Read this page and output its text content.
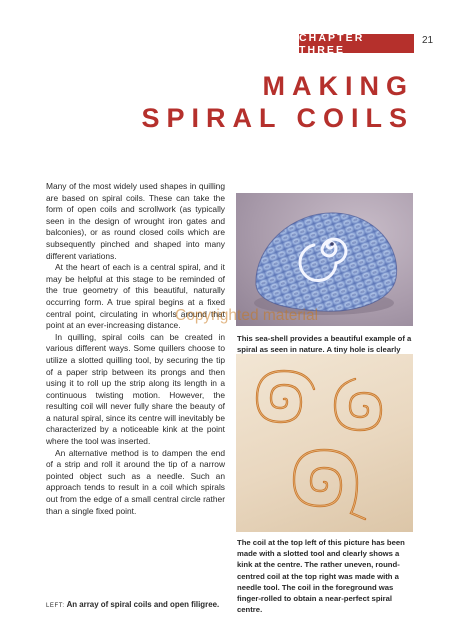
CHAPTER THREE
21
MAKING
SPIRAL COILS

Many of the most widely used shapes in quilling are based on spiral coils. These can take the form of open coils and scrollwork (as typically seen in the design of wrought iron gates and balconies), or as round closed coils which are subsequently pinched and shaped into many different variations.

At the heart of each is a central spiral, and it may be helpful at this stage to be reminded of the true geometry of this beautiful, naturally occurring form. A true spiral begins at a fixed central point, circulating in whorls around that point at an ever-increasing distance.

In quilling, spiral coils can be created in various different ways. Some quillers choose to utilize a slotted quilling tool, by securing the tip of a paper strip between its prongs and then using it to roll up the strip along its length in a continuous twisting motion. However, the resulting coil will never fully share the beauty of a natural spiral, since its centre will inevitably be characterized by a noticeable kink at the point where the tool was inserted.

An alternative method is to dampen the end of a strip and roll it around the tip of a narrow pointed object such as a needle. Such an approach tends to result in a coil which spirals out from the edge of a small central circle rather than a single fixed point.

This sea-shell provides a beautiful example of a spiral as seen in nature. A tiny hole is clearly
The coil at the top left of this picture has been made with a slotted tool and clearly shows a kink at the centre. The rather uneven, round-centred coil at the top right was made with a needle tool. The coil in the foreground was finger-rolled to obtain a near-perfect spiral centre.
LEFT: An array of spiral coils and open filigree.
Copyrighted material
